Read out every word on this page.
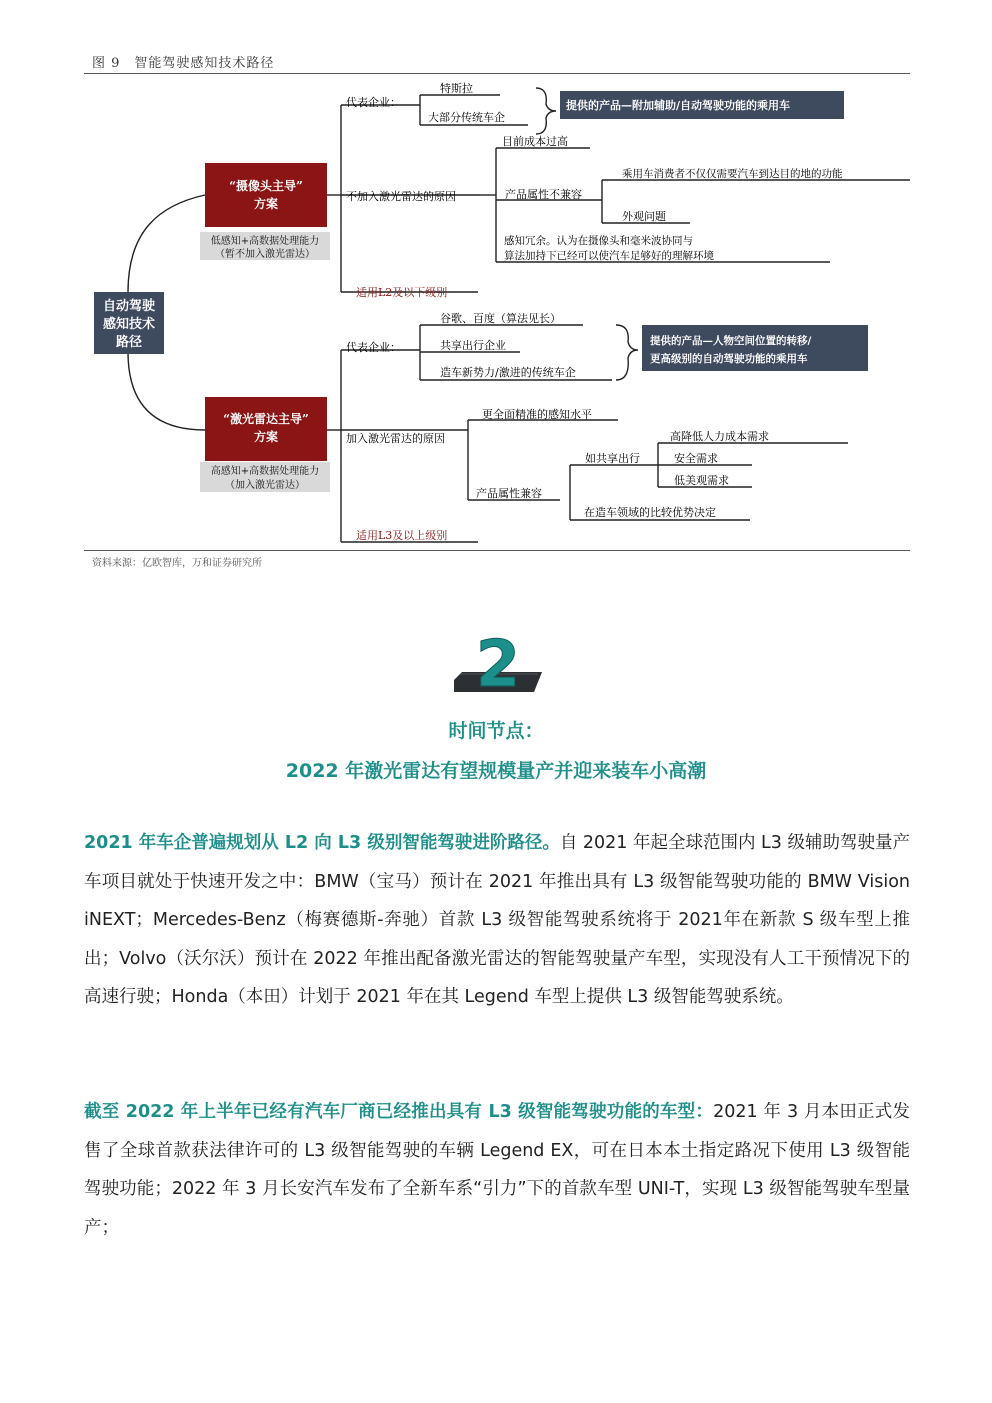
图 9　智能驾驶感知技术路径
自动驾驶
感知技术
路径
“摄像头主导”
方案
低感知+高数据处理能力
（暂不加入激光雷达）
代表企业：
特斯拉
大部分传统车企
提供的产品—附加辅助/自动驾驶功能的乘用车
不加入激光雷达的原因
目前成本过高
产品属性不兼容
乘用车消费者不仅仅需要汽车到达目的地的功能
外观问题
感知冗余。认为在摄像头和毫米波协同与
算法加持下已经可以使汽车足够好的理解环境
适用L2及以下级别
“激光雷达主导”
方案
高感知+高数据处理能力
（加入激光雷达）
代表企业：
谷歌、百度（算法见长）
共享出行企业
造车新势力/激进的传统车企
提供的产品—人物空间位置的转移/
更高级别的自动驾驶功能的乘用车
加入激光雷达的原因
更全面精准的感知水平
产品属性兼容
如共享出行
高降低人力成本需求
安全需求
低美观需求
在造车领域的比较优势决定
适用L3及以上级别
资料来源：亿欧智库，万和证券研究所
2
时间节点：
2022 年激光雷达有望规模量产并迎来装车小高潮
2021 年车企普遍规划从 L2 向 L3 级别智能驾驶进阶路径。自 2021 年起全球范围内 L3 级辅助驾驶量产车项目就处于快速开发之中：BMW（宝马）预计在 2021 年推出具有 L3 级智能驾驶功能的 BMW Vision iNEXT；Mercedes-Benz（梅赛德斯-奔驰）首款 L3 级智能驾驶系统将于 2021年在新款 S 级车型上推出；Volvo（沃尔沃）预计在 2022 年推出配备激光雷达的智能驾驶量产车型，实现没有人工干预情况下的高速行驶；Honda（本田）计划于 2021 年在其 Legend 车型上提供 L3 级智能驾驶系统。
截至 2022 年上半年已经有汽车厂商已经推出具有 L3 级智能驾驶功能的车型：2021 年 3 月本田正式发售了全球首款获法律许可的 L3 级智能驾驶的车辆 Legend EX，可在日本本土指定路况下使用 L3 级智能驾驶功能；2022 年 3 月长安汽车发布了全新车系“引力”下的首款车型 UNI-T，实现 L3 级智能驾驶车型量产；
